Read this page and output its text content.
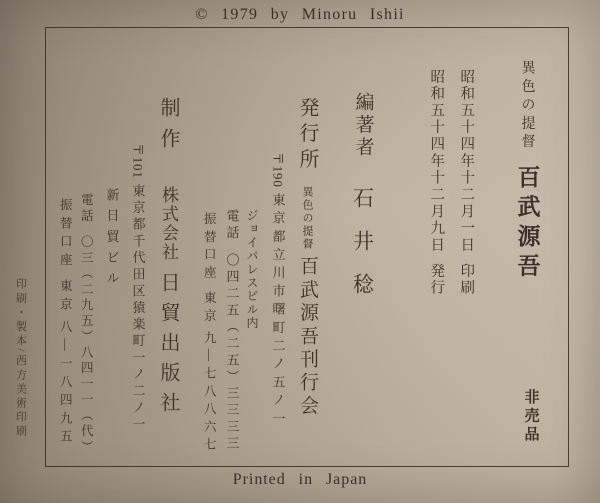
© 1979 by Minoru Ishii
異色の提督百武源吾
非売品
昭和五十四年十二月一日印刷
昭和五十四年十二月九日発行
編著者石井稔
発行所異色の提督百武源吾刊行会
〒190東京都立川市曙町二ノ五ノ一
ジョイパレスビル内
電話〇四二五（二五）三三三三
振替口座東京九―七八八六七
制作株式会社日貿出版社
〒101東京都千代田区猿楽町一ノ二ノ一
新日貿ビル
電話〇三（二九五）八四一一（代）
振替口座東京八―一八四九五
印刷・製本/西方美術印刷
Printed in Japan
